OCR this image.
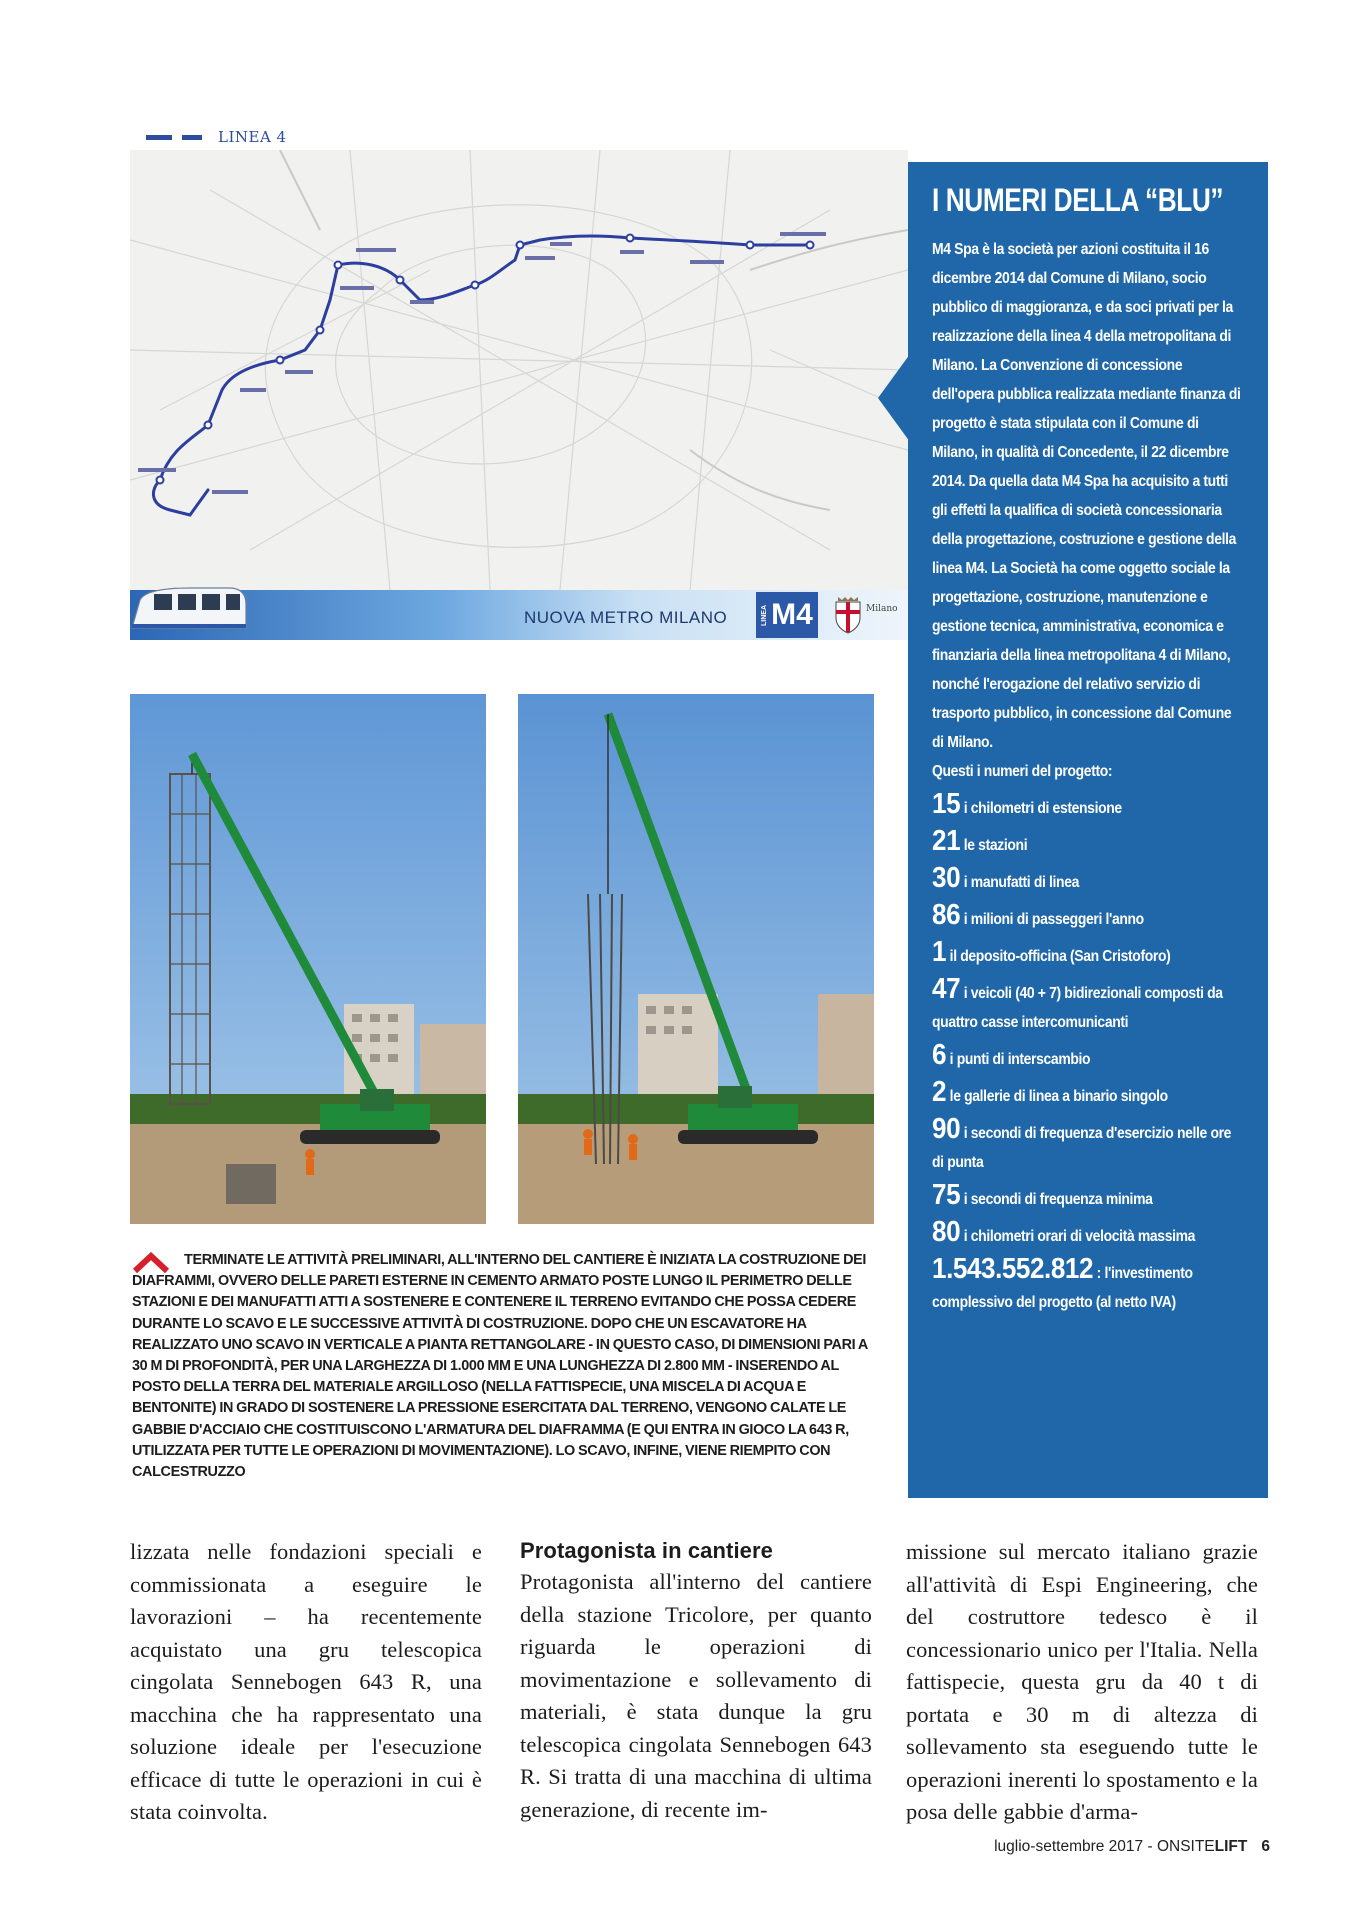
LINEA 4
NUOVA METRO MILANO	LINEA M4	Milano

TERMINATE LE ATTIVITÀ PRELIMINARI, ALL'INTERNO DEL CANTIERE È INIZIATA LA COSTRUZIONE DEI DIAFRAMMI, OVVERO DELLE PARETI ESTERNE IN CEMENTO ARMATO POSTE LUNGO IL PERIMETRO DELLE STAZIONI E DEI MANUFATTI ATTI A SOSTENERE E CONTENERE IL TERRENO EVITANDO CHE POSSA CEDERE DURANTE LO SCAVO E LE SUCCESSIVE ATTIVITÀ DI COSTRUZIONE. DOPO CHE UN ESCAVATORE HA REALIZZATO UNO SCAVO IN VERTICALE A PIANTA RETTANGOLARE - IN QUESTO CASO, DI DIMENSIONI PARI A 30 M DI PROFONDITÀ, PER UNA LARGHEZZA DI 1.000 MM E UNA LUNGHEZZA DI 2.800 MM - INSERENDO AL POSTO DELLA TERRA DEL MATERIALE ARGILLOSO (NELLA FATTISPECIE, UNA MISCELA DI ACQUA E BENTONITE) IN GRADO DI SOSTENERE LA PRESSIONE ESERCITATA DAL TERRENO, VENGONO CALATE LE GABBIE D'ACCIAIO CHE COSTITUISCONO L'ARMATURA DEL DIAFRAMMA (E QUI ENTRA IN GIOCO LA 643 R, UTILIZZATA PER TUTTE LE OPERAZIONI DI MOVIMENTAZIONE). LO SCAVO, INFINE, VIENE RIEMPITO CON CALCESTRUZZO

I NUMERI DELLA “BLU”
M4 Spa è la società per azioni costituita il 16 dicembre 2014 dal Comune di Milano, socio pubblico di maggioranza, e da soci privati per la realizzazione della linea 4 della metropolitana di Milano. La Convenzione di concessione dell'opera pubblica realizzata mediante finanza di progetto è stata stipulata con il Comune di Milano, in qualità di Concedente, il 22 dicembre 2014. Da quella data M4 Spa ha acquisito a tutti gli effetti la qualifica di società concessionaria della progettazione, costruzione e gestione della linea M4. La Società ha come oggetto sociale la progettazione, costruzione, manutenzione e gestione tecnica, amministrativa, economica e finanziaria della linea metropolitana 4 di Milano, nonché l'erogazione del relativo servizio di trasporto pubblico, in concessione dal Comune di Milano.
Questi i numeri del progetto:
15 i chilometri di estensione
21 le stazioni
30 i manufatti di linea
86 i milioni di passeggeri l'anno
1 il deposito-officina (San Cristoforo)
47 i veicoli (40 + 7) bidirezionali composti da quattro casse intercomunicanti
6 i punti di interscambio
2 le gallerie di linea a binario singolo
90 i secondi di frequenza d'esercizio nelle ore di punta
75 i secondi di frequenza minima
80 i chilometri orari di velocità massima
1.543.552.812 : l'investimento complessivo del progetto (al netto IVA)
lizzata nelle fondazioni speciali e commissionata a eseguire le lavorazioni – ha recentemente acquistato una gru telescopica cingolata Sennebogen 643 R, una macchina che ha rappresentato una soluzione ideale per l'esecuzione efficace di tutte le operazioni in cui è stata coinvolta.
Protagonista in cantiere
Protagonista all'interno del cantiere della stazione Tricolore, per quanto riguarda le operazioni di movimentazione e sollevamento di materiali, è stata dunque la gru telescopica cingolata Sennebogen 643 R. Si tratta di una macchina di ultima generazione, di recente im-
missione sul mercato italiano grazie all'attività di Espi Engineering, che del costruttore tedesco è il concessionario unico per l'Italia. Nella fattispecie, questa gru da 40 t di portata e 30 m di altezza di sollevamento sta eseguendo tutte le operazioni inerenti lo spostamento e la posa delle gabbie d'arma-
luglio-settembre 2017 - ONSITELIFT 6
